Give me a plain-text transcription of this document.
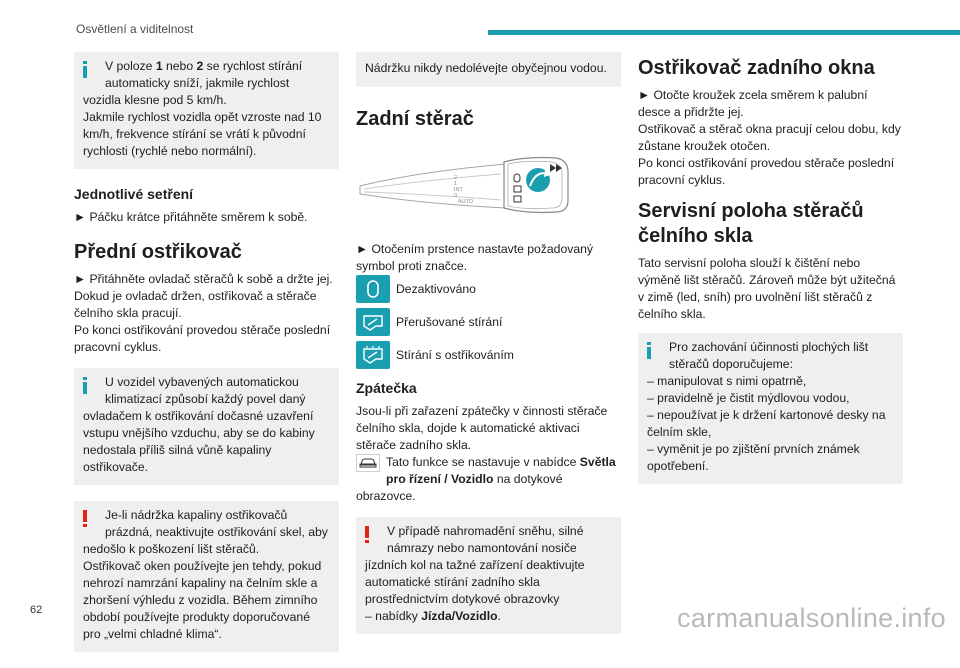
Osvětlení a viditelnost

V poloze 1 nebo 2 se rychlost stírání automaticky sníží, jakmile rychlost

vozidla klesne pod 5 km/h.

Jakmile rychlost vozidla opět vzroste nad 10 km/h, frekvence stírání se vrátí k původní rychlosti (rychlé nebo normální).

Jednotlivé setření

► Páčku krátce přitáhněte směrem k sobě.

Přední ostřikovač

► Přitáhněte ovladač stěračů k sobě a držte jej. Dokud je ovladač držen, ostřikovač a stěrače čelního skla pracují.

Po konci ostřikování provedou stěrače poslední pracovní cyklus.

U vozidel vybavených automatickou klimatizací způsobí každý povel daný

ovladačem k ostřikování dočasné uzavření vstupu vnějšího vzduchu, aby se do kabiny nedostala příliš silná vůně kapaliny ostřikovače.

Je-li nádržka kapaliny ostřikovačů prázdná, neaktivujte ostřikování skel, aby

nedošlo k poškození lišt stěračů.

Ostřikovač oken používejte jen tehdy, pokud nehrozí namrzání kapaliny na čelním skle a zhoršení výhledu z vozidla. Během zimního období používejte produkty doporučované pro „velmi chladné klima“.

Nádržku nikdy nedolévejte obyčejnou vodou.

Zadní stěrač
2
1
INT
0
AUTO

► Otočením prstence nastavte požadovaný symbol proti značce.

Dezaktivováno
Přerušované stírání
Stírání s ostřikováním
Zpátečka

Jsou-li při zařazení zpátečky v činnosti stěrače čelního skla, dojde k automatické aktivaci stěrače zadního skla.

Tato funkce se nastavuje v nabídce Světla pro řízení / Vozidlo na dotykové

obrazovce.

V případě nahromadění sněhu, silné námrazy nebo namontování nosiče

jízdních kol na tažné zařízení deaktivujte automatické stírání zadního skla prostřednictvím dotykové obrazovky

– nabídky Jízda/Vozidlo.

Ostřikovač zadního okna

► Otočte kroužek zcela směrem k palubní desce a přidržte jej.

Ostřikovač a stěrač okna pracují celou dobu, kdy zůstane kroužek otočen.

Po konci ostřikování provedou stěrače poslední pracovní cyklus.

Servisní poloha stěračů čelního skla

Tato servisní poloha slouží k čištění nebo výměně lišt stěračů. Zároveň může být užitečná v zimě (led, sníh) pro uvolnění lišt stěračů z čelního skla.

Pro zachování účinnosti plochých lišt stěračů doporučujeme:

– manipulovat s nimi opatrně,

– pravidelně je čistit mýdlovou vodou,

– nepoužívat je k držení kartonové desky na čelním skle,

– vyměnit je po zjištění prvních známek opotřebení.

62	carmanualsonline.info
